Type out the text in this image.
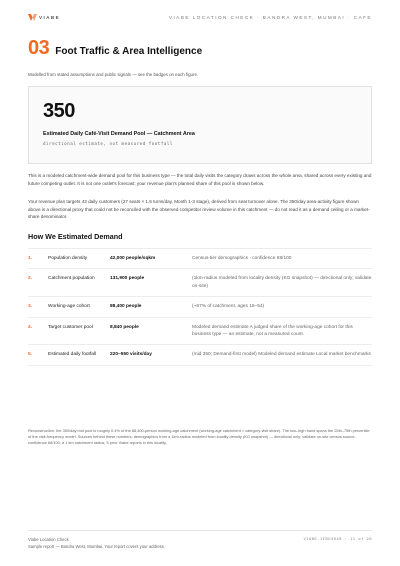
VIABE	VIABE LOCATION CHECK · BANDRA WEST, MUMBAI · CAFE
03 Foot Traffic & Area Intelligence
Modelled from stated assumptions and public signals — see the badges on each figure.
350
Estimated Daily Café-Visit Demand Pool — Catchment Area
directional estimate, not measured footfall

This is a modeled catchment-wide demand pool for this business type — the total daily visits the category draws across the whole area, shared across every existing and future competing outlet. It is not one outlet's forecast; your revenue plan's planned share of this pool is shown below.

Your revenue plan targets 43 daily customers (27 seats × 1.6 turns/day, Month 1-3 stage), derived from seat turnover alone. The 350/day area-activity figure shown above is a directional proxy that could not be reconciled with the observed competitor review volume in this catchment — do not read it as a demand ceiling or a market-share denominator.

How We Estimated Demand
1.	Population density	42,000 people/sqkm	Census-tier demographics · confidence 68/100
2.	Catchment population	131,900 people	(1km-radius modeled from locality density (KG snapshot) — directional only; validate on-site)
3.	Working-age cohort	88,400 people	(~67% of catchment, ages 15–54)
4.	Target customer pool	8,840 people	Modeled demand estimate A judged share of the working-age cohort for this business type — an estimate, not a measured count.
5.	Estimated daily footfall	220–550 visits/day	(mid 350; Demand-first model) Modeled demand estimate Local market benchmarks

Reconstruction: the 350/day mid pool is roughly 0.4% of the 88,400-person working-age catchment (working-age catchment × category-visit share). The low–high band spans the 25th–75th percentile of the visit-frequency model. Sources behind these numbers: demographics from a 1km-radius modeled from locality density (KG snapshot) — directional only; validate on-site census source, confidence 68/100; a 1 km catchment radius; 5 prior Viabe reports in this locality.

Viabe Location Check
Sample report — Bandra West, Mumbai. Your report covers your address.
VIABE-1IBG3648 · 11 of 20
